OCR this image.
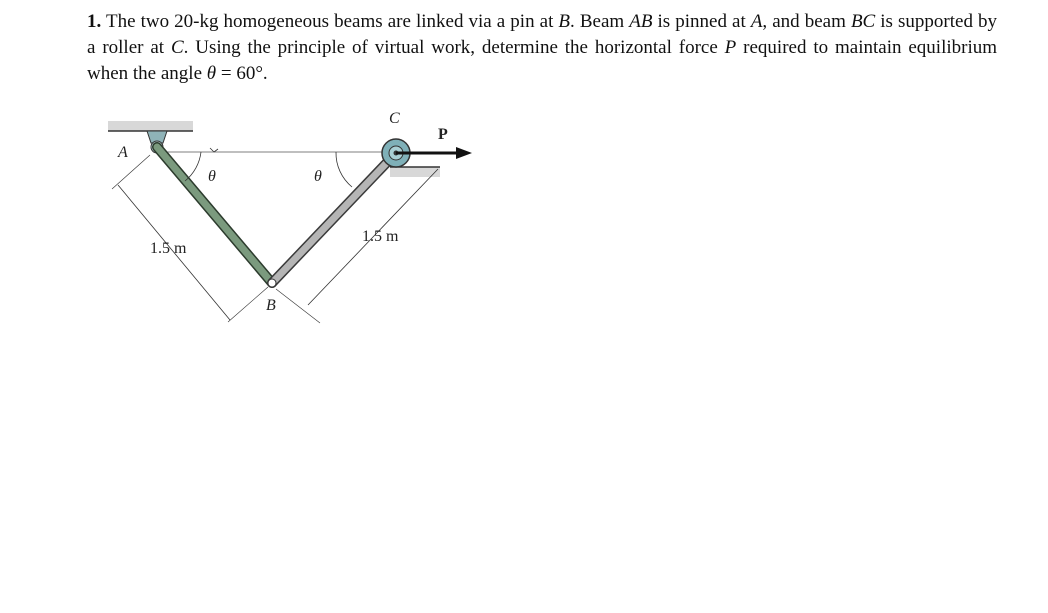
1. The two 20-kg homogeneous beams are linked via a pin at B. Beam AB is pinned at A, and beam BC is supported by a roller at C. Using the principle of virtual work, determine the horizontal force P required to maintain equilibrium when the angle θ = 60°.
A
B
C
P
θ	θ
1.5 m
1.5 m
